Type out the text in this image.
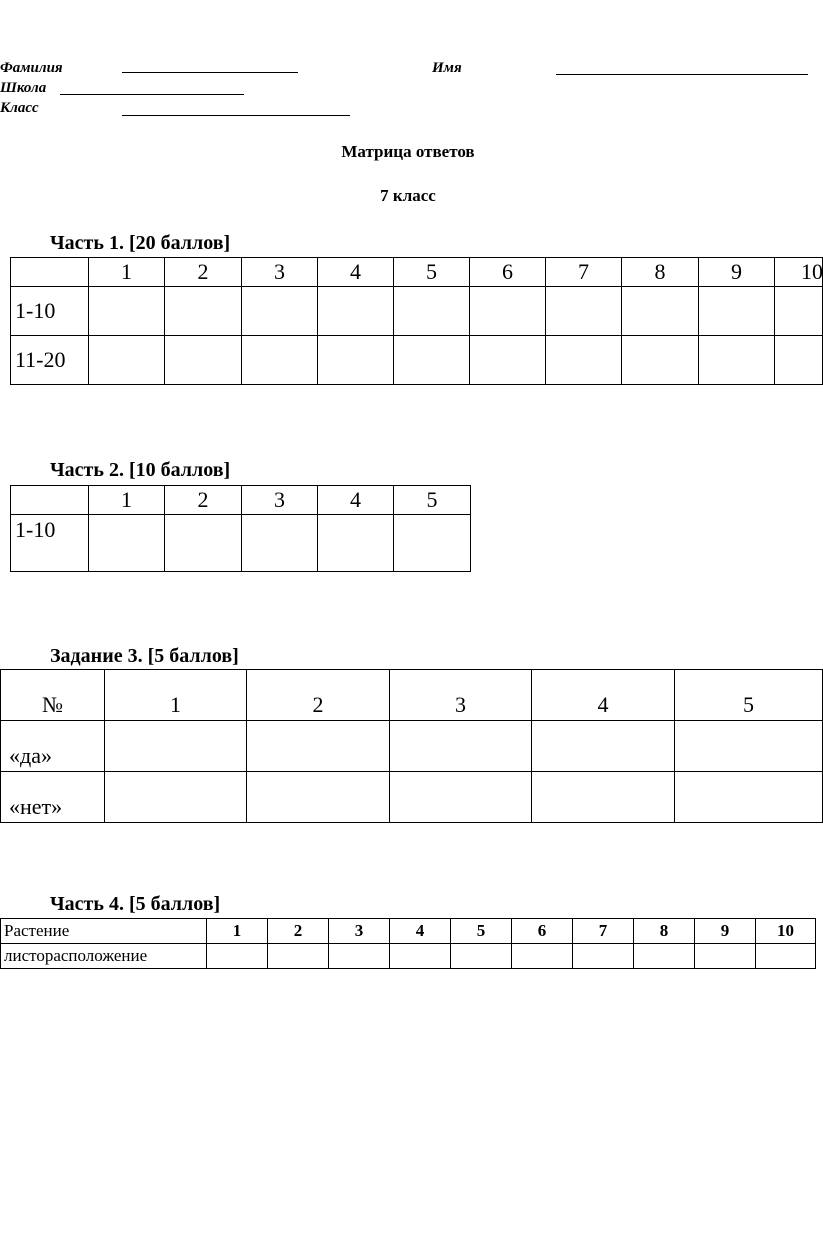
Фамилия	Имя
Школа
Класс
Матрица ответов
7 класс
Часть 1. [20 баллов]
	1	2	3	4	5	6	7	8	9	10
1-10										
11-20										
Часть 2. [10 баллов]
	1	2	3	4	5
1-10					
Задание 3. [5 баллов]
№	1	2	3	4	5
«да»					
«нет»					
Часть 4. [5 баллов]
Растение	1	2	3	4	5	6	7	8	9	10
листорасположение										
